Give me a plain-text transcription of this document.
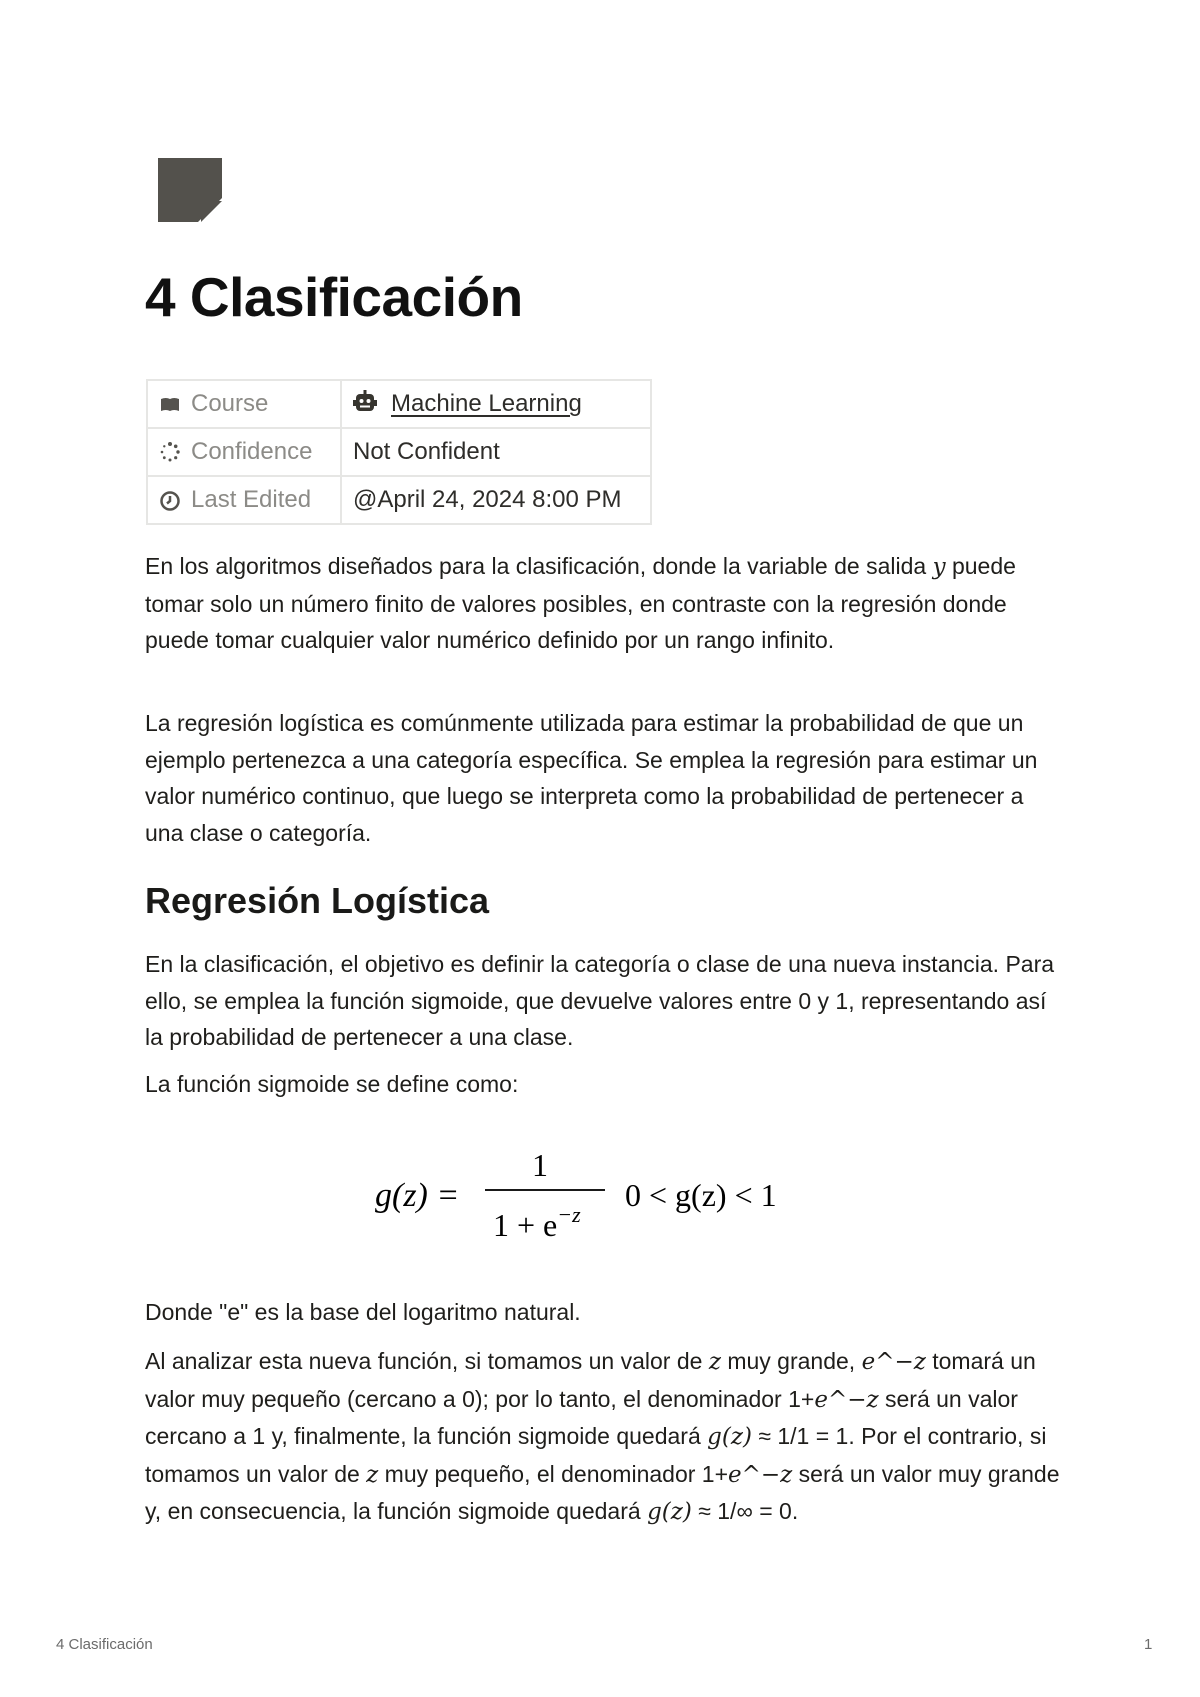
4 Clasificación
Course	Machine Learning
Confidence	Not Confident
Last Edited	@April 24, 2024 8:00 PM

En los algoritmos diseñados para la clasificación, donde la variable de salida y puede tomar solo un número finito de valores posibles, en contraste con la regresión donde puede tomar cualquier valor numérico definido por un rango infinito.

La regresión logística es comúnmente utilizada para estimar la probabilidad de que un ejemplo pertenezca a una categoría específica. Se emplea la regresión para estimar un valor numérico continuo, que luego se interpreta como la probabilidad de pertenecer a una clase o categoría.

Regresión Logística

En la clasificación, el objetivo es definir la categoría o clase de una nueva instancia. Para ello, se emplea la función sigmoide, que devuelve valores entre 0 y 1, representando así la probabilidad de pertenecer a una clase.

La función sigmoide se define como:

g(z) =
1
$1 + e^{-z}$
0 < g(z) < 1

Donde "e" es la base del logaritmo natural.

Al analizar esta nueva función, si tomamos un valor de z muy grande, e^−z tomará un valor muy pequeño (cercano a 0); por lo tanto, el denominador 1+e^−z será un valor cercano a 1 y, finalmente, la función sigmoide quedará g(z) ≈ 1/1 = 1. Por el contrario, si tomamos un valor de z muy pequeño, el denominador 1+e^−z será un valor muy grande y, en consecuencia, la función sigmoide quedará g(z) ≈ 1/∞ = 0.

4 Clasificación	1
